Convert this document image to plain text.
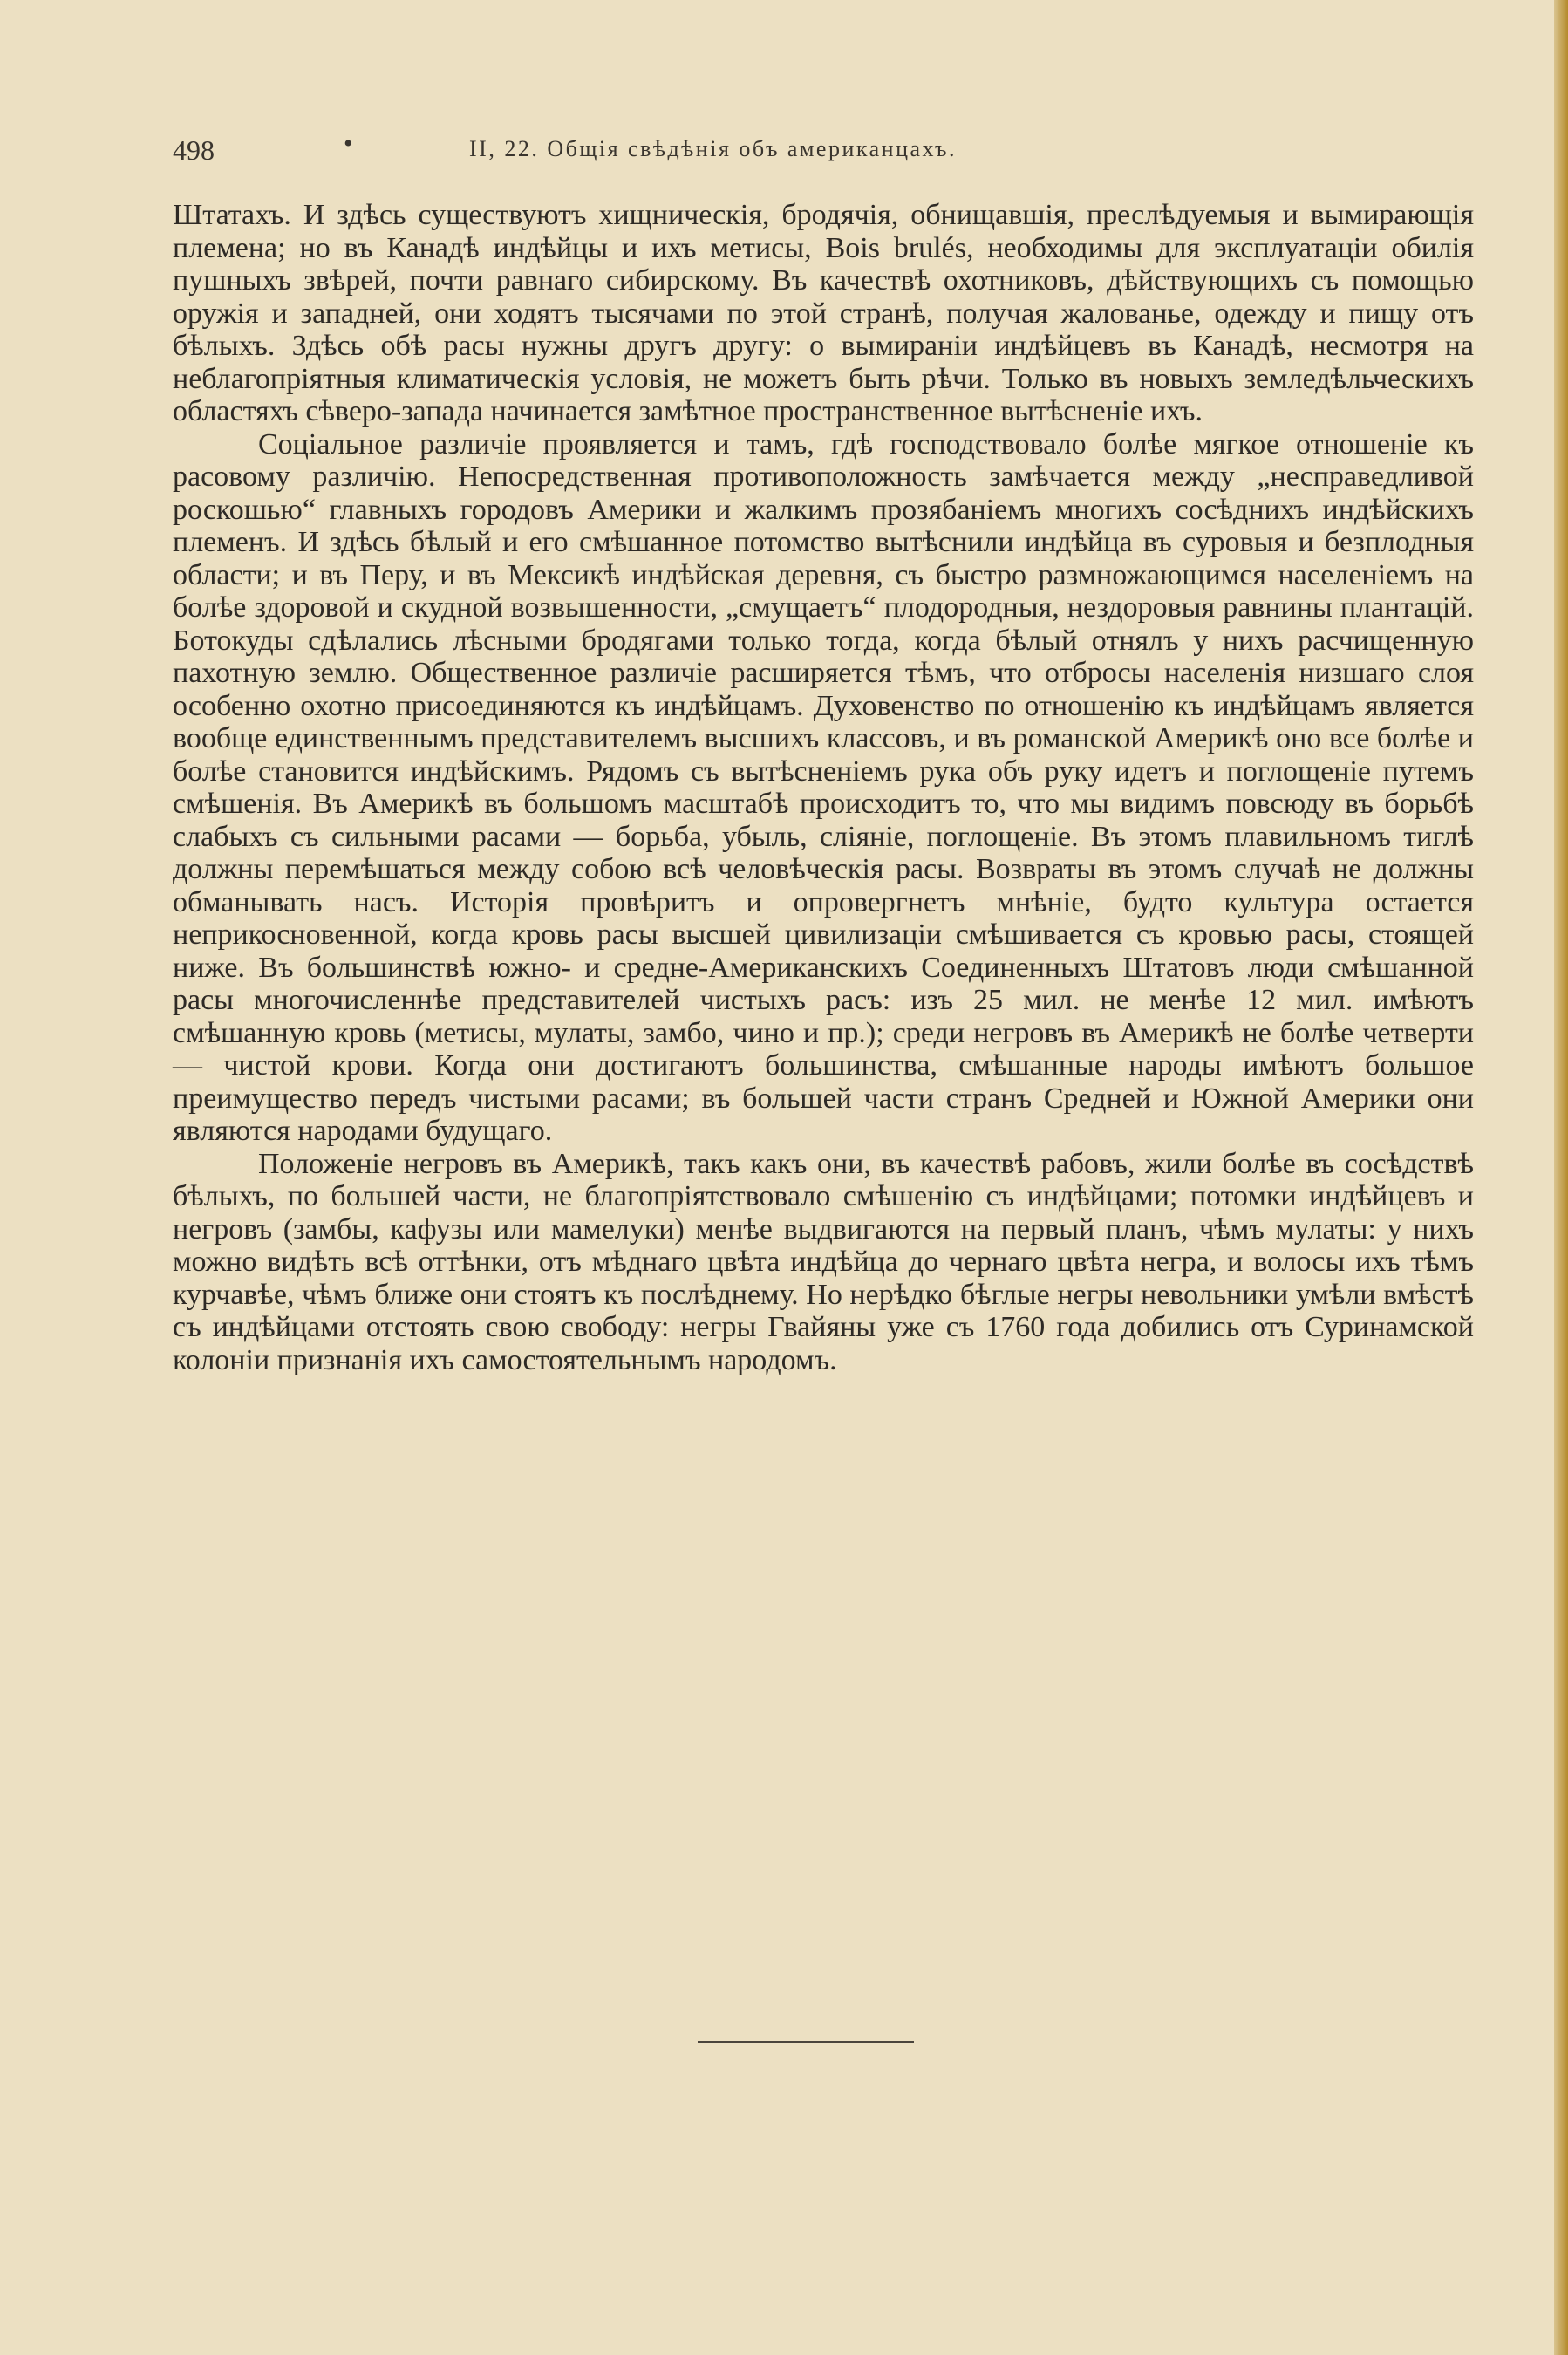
498	•	II, 22. Общія свѣдѣнія объ американцахъ.

Штатахъ. И здѣсь существуютъ хищническія, бродячія, обнищавшія, преслѣдуемыя и вымирающія племена; но въ Канадѣ индѣйцы и ихъ метисы, Bois brulés, необходимы для эксплуатаціи обилія пушныхъ звѣрей, почти равнаго сибирскому. Въ качествѣ охотниковъ, дѣйствующихъ съ помощью оружія и западней, они ходятъ тысячами по этой странѣ, получая жалованье, одежду и пищу отъ бѣлыхъ. Здѣсь обѣ расы нужны другъ другу: о вымираніи индѣйцевъ въ Канадѣ, несмотря на неблагопріятныя климатическія условія, не можетъ быть рѣчи. Только въ новыхъ земледѣльческихъ областяхъ сѣверо-запада начинается замѣтное пространственное вытѣсненіе ихъ.

Соціальное различіе проявляется и тамъ, гдѣ господствовало болѣе мягкое отношеніе къ расовому различію. Непосредственная противоположность замѣчается между „несправедливой роскошью“ главныхъ городовъ Америки и жалкимъ прозябаніемъ многихъ сосѣднихъ индѣйскихъ племенъ. И здѣсь бѣлый и его смѣшанное потомство вытѣснили индѣйца въ суровыя и безплодныя области; и въ Перу, и въ Мексикѣ индѣйская деревня, съ быстро размножающимся населеніемъ на болѣе здоровой и скудной возвышенности, „смущаетъ“ плодородныя, нездоровыя равнины плантацій. Ботокуды сдѣлались лѣсными бродягами только тогда, когда бѣлый отнялъ у нихъ расчищенную пахотную землю. Общественное различіе расширяется тѣмъ, что отбросы населенія низшаго слоя особенно охотно присоединяются къ индѣйцамъ. Духовенство по отношенію къ индѣйцамъ является вообще единственнымъ представителемъ высшихъ классовъ, и въ романской Америкѣ оно все болѣе и болѣе становится индѣйскимъ. Рядомъ съ вытѣсненіемъ рука объ руку идетъ и поглощеніе путемъ смѣшенія. Въ Америкѣ въ большомъ масштабѣ происходитъ то, что мы видимъ повсюду въ борьбѣ слабыхъ съ сильными расами — борьба, убыль, сліяніе, поглощеніе. Въ этомъ плавильномъ тиглѣ должны перемѣшаться между собою всѣ человѣческія расы. Возвраты въ этомъ случаѣ не должны обманывать насъ. Исторія провѣритъ и опровергнетъ мнѣніе, будто культура остается неприкосновенной, когда кровь расы высшей цивилизаціи смѣшивается съ кровью расы, стоящей ниже. Въ большинствѣ южно- и средне-Американскихъ Соединенныхъ Штатовъ люди смѣшанной расы многочисленнѣе представителей чистыхъ расъ: изъ 25 мил. не менѣе 12 мил. имѣютъ смѣшанную кровь (метисы, мулаты, замбо, чино и пр.); среди негровъ въ Америкѣ не болѣе четверти — чистой крови. Когда они достигаютъ большинства, смѣшанные народы имѣютъ большое преимущество передъ чистыми расами; въ большей части странъ Средней и Южной Америки они являются народами будущаго.

Положеніе негровъ въ Америкѣ, такъ какъ они, въ качествѣ рабовъ, жили болѣе въ сосѣдствѣ бѣлыхъ, по большей части, не благопріятствовало смѣшенію съ индѣйцами; потомки индѣйцевъ и негровъ (замбы, кафузы или мамелуки) менѣе выдвигаются на первый планъ, чѣмъ мулаты: у нихъ можно видѣть всѣ оттѣнки, отъ мѣднаго цвѣта индѣйца до чернаго цвѣта негра, и волосы ихъ тѣмъ курчавѣе, чѣмъ ближе они стоятъ къ послѣднему. Но нерѣдко бѣглые негры невольники умѣли вмѣстѣ съ индѣйцами отстоять свою свободу: негры Гвайяны уже съ 1760 года добились отъ Суринамской колоніи признанія ихъ самостоятельнымъ народомъ.
